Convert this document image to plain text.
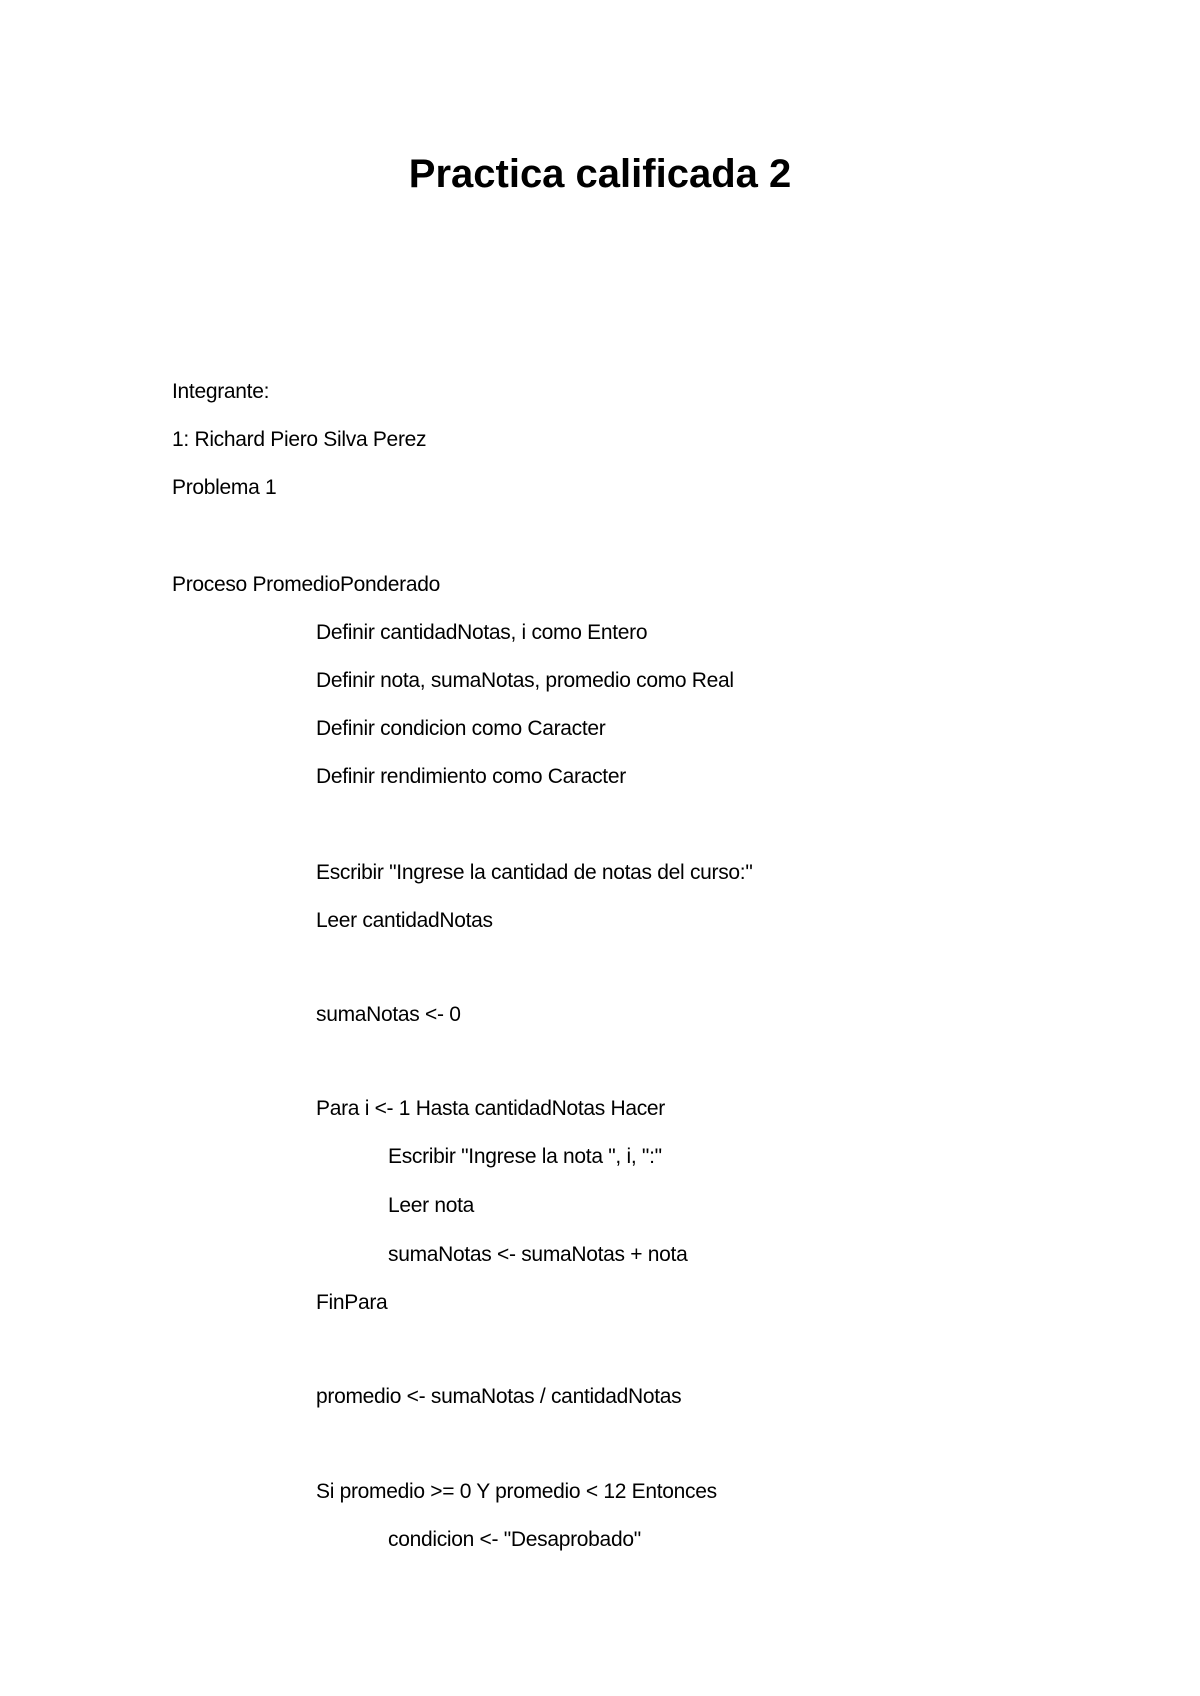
Practica calificada 2

Integrante:

1: Richard Piero Silva Perez

Problema 1

Proceso PromedioPonderado

Definir cantidadNotas, i como Entero

Definir nota, sumaNotas, promedio como Real

Definir condicion como Caracter

Definir rendimiento como Caracter

Escribir "Ingrese la cantidad de notas del curso:"

Leer cantidadNotas

sumaNotas <- 0

Para i <- 1 Hasta cantidadNotas Hacer

Escribir "Ingrese la nota ", i, ":"

Leer nota

sumaNotas <- sumaNotas + nota

FinPara

promedio <- sumaNotas / cantidadNotas

Si promedio >= 0 Y promedio < 12 Entonces

condicion <- "Desaprobado"
